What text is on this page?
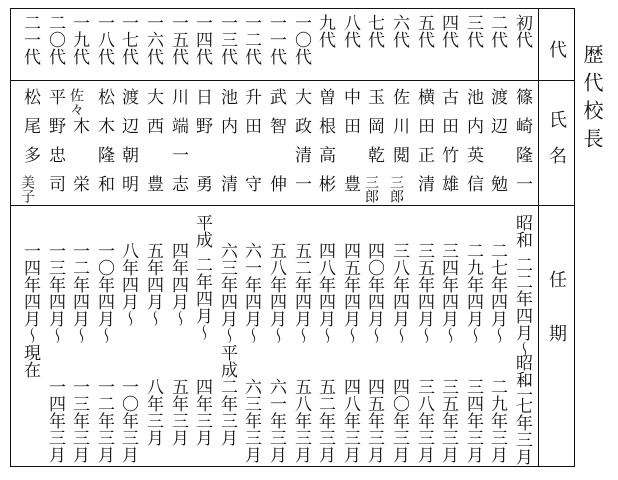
歴代校長
代
氏　名
任　　期
初代
篠
崎
隆
一
昭和
二二年四月～
昭和
二七年三月
二代
渡
辺
勉
二七年四月～
二九年三月
三代
池
内
英
信
二九年四月～
三四年三月
四代
古
田
竹
雄
三四年四月～
三五年三月
五代
横
田
正
清
三五年四月～
三八年三月
六代
佐
川
閲
三郎
三八年四月～
四〇年三月
七代
玉
岡
乾
三郎
四〇年四月～
四五年三月
八代
中
田
豊
四五年四月～
四八年三月
九代
曽
根
高
彬
四八年四月～
五二年三月
一〇代
大
政
清
一
五二年四月～
五八年三月
一一代
武
智
伸
五八年四月～
六一年三月
一二代
升
田
守
六一年四月～
六三年三月
一三代
池
内
清
六三年四月～平成
二年三月
一四代
日
野
勇
平成
二年四月～
四年三月
一五代
川
端
一
志
四年四月～
五年三月
一六代
大
西
豊
五年四月～
八年三月
一七代
渡
辺
朝
明
八年四月～
一〇年三月
一八代
松
木
隆
和
一〇年四月～
一二年三月
一九代
佐々
木
栄
一二年四月～
一三年三月
二〇代
平
野
忠
司
一三年四月～
一四年三月
二一代
松
尾
多
美子
一四年四月～現在
